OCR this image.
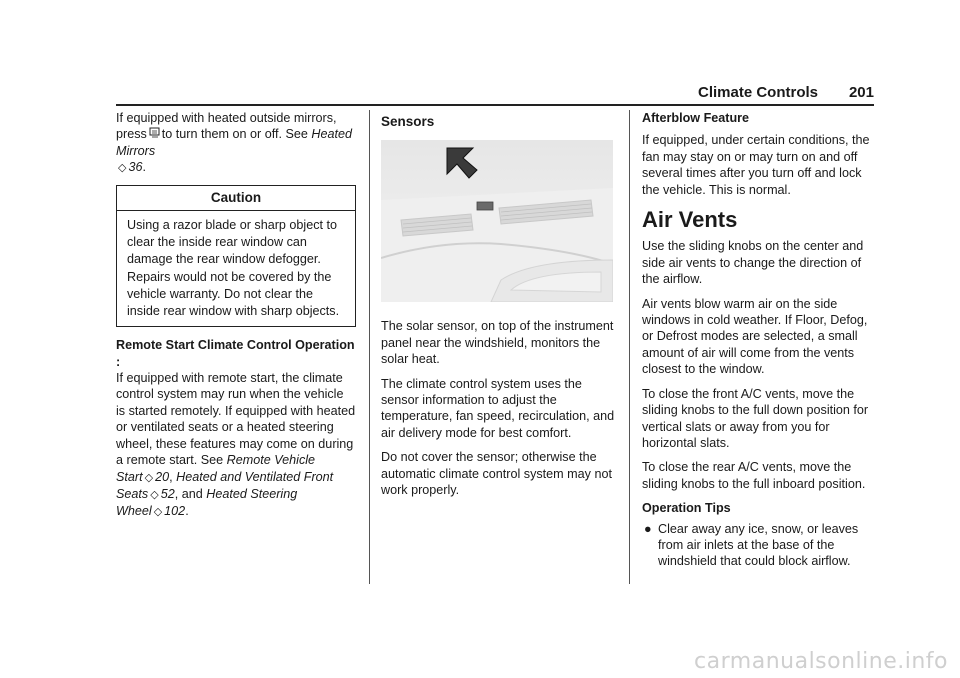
Climate Controls 201

If equipped with heated outside mirrors,
press to turn them on or off. See Heated Mirrors
◇ 36.

Caution
Using a razor blade or sharp object to clear the inside rear window can damage the rear window defogger. Repairs would not be covered by the vehicle warranty. Do not clear the inside rear window with sharp objects.
Remote Start Climate Control Operation :

If equipped with remote start, the climate control system may run when the vehicle is started remotely. If equipped with heated or ventilated seats or a heated steering wheel, these features may come on during a remote start. See Remote Vehicle Start ◇ 20, Heated and Ventilated Front Seats ◇ 52, and Heated Steering Wheel ◇ 102.

Sensors

The solar sensor, on top of the instrument panel near the windshield, monitors the solar heat.

The climate control system uses the sensor information to adjust the temperature, fan speed, recirculation, and air delivery mode for best comfort.

Do not cover the sensor; otherwise the automatic climate control system may not work properly.

Afterblow Feature

If equipped, under certain conditions, the fan may stay on or may turn on and off several times after you turn off and lock the vehicle. This is normal.

Air Vents

Use the sliding knobs on the center and side air vents to change the direction of the airflow.

Air vents blow warm air on the side windows in cold weather. If Floor, Defog, or Defrost modes are selected, a small amount of air will come from the vents closest to the window.

To close the front A/C vents, move the sliding knobs to the full down position for vertical slats or away from you for horizontal slats.

To close the rear A/C vents, move the sliding knobs to the full inboard position.

Operation Tips
● Clear away any ice, snow, or leaves from air inlets at the base of the windshield that could block airflow.
carmanualsonline.info
